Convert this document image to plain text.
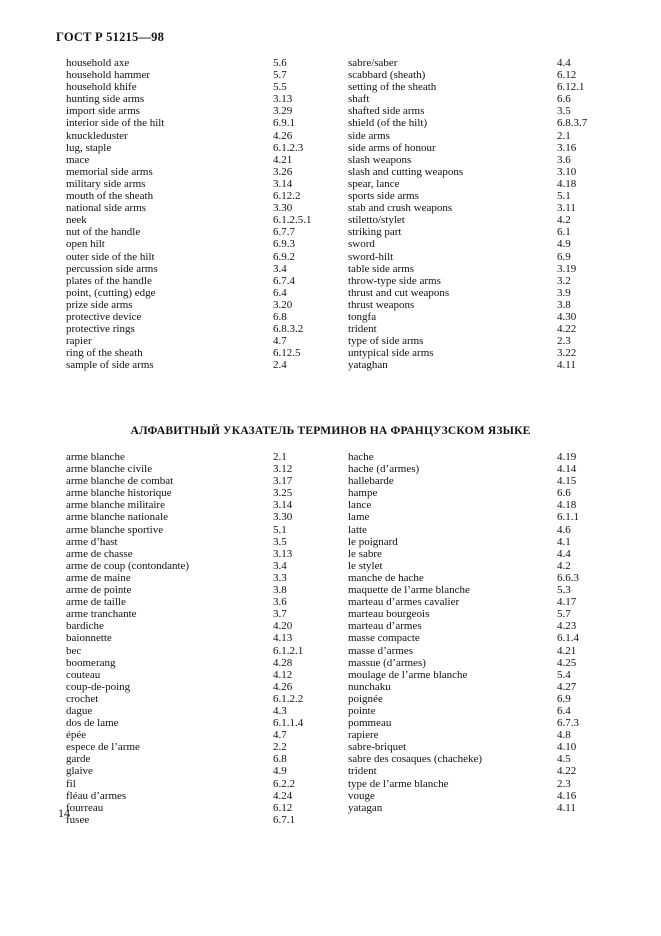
ГОСТ Р 51215—98
household axe	5.6
household hammer	5.7
household khife	5.5
hunting side arms	3.13
import side arms	3.29
interior side of the hilt	6.9.1
knuckleduster	4.26
lug, staple	6.1.2.3
mace	4.21
memorial side arms	3.26
military side arms	3.14
mouth of the sheath	6.12.2
national side arms	3.30
neek	6.1.2.5.1
nut of the handle	6.7.7
open hilt	6.9.3
outer side of the hilt	6.9.2
percussion side arms	3.4
plates of the handle	6.7.4
point, (cutting) edge	6.4
prize side arms	3.20
protective device	6.8
protective rings	6.8.3.2
rapier	4.7
ring of the sheath	6.12.5
sample of side arms	2.4
sabre/saber	4.4
scabbard (sheath)	6.12
setting of the sheath	6.12.1
shaft	6.6
shafted side arms	3.5
shield (of the hilt)	6.8.3.7
side arms	2.1
side arms of honour	3.16
slash weapons	3.6
slash and cutting weapons	3.10
spear, lance	4.18
sports side arms	5.1
stab and crush weapons	3.11
stiletto/stylet	4.2
striking part	6.1
sword	4.9
sword-hilt	6.9
table side arms	3.19
throw-type side arms	3.2
thrust and cut weapons	3.9
thrust weapons	3.8
tongfa	4.30
trident	4.22
type of side arms	2.3
untypical side arms	3.22
yataghan	4.11
АЛФАВИТНЫЙ УКАЗАТЕЛЬ ТЕРМИНОВ НА ФРАНЦУЗСКОМ ЯЗЫКЕ
arme blanche	2.1
arme blanche civile	3.12
arme blanche de combat	3.17
arme blanche historique	3.25
arme blanche militaire	3.14
arme blanche nationale	3.30
arme blanche sportive	5.1
arme d’hast	3.5
arme de chasse	3.13
arme de coup (contondante)	3.4
arme de maine	3.3
arme de pointe	3.8
arme de taille	3.6
arme tranchante	3.7
bardiche	4.20
baionnette	4.13
bec	6.1.2.1
boomerang	4.28
couteau	4.12
coup-de-poing	4.26
crochet	6.1.2.2
dague	4.3
dos de lame	6.1.1.4
épée	4.7
espece de l’arme	2.2
garde	6.8
glaive	4.9
fil	6.2.2
fléau d’armes	4.24
fourreau	6.12
fusee	6.7.1
hache	4.19
hache (d’armes)	4.14
hallebarde	4.15
hampe	6.6
lance	4.18
lame	6.1.1
latte	4.6
le poignard	4.1
le sabre	4.4
le stylet	4.2
manche de hache	6.6.3
maquette de l’arme blanche	5.3
marteau d’armes cavalier	4.17
marteau bourgeois	5.7
marteau d’armes	4.23
masse compacte	6.1.4
masse d’armes	4.21
massue (d’armes)	4.25
moulage de l’arme blanche	5.4
nunchaku	4.27
poignée	6.9
pointe	6.4
pommeau	6.7.3
rapiere	4.8
sabre-briquet	4.10
sabre des cosaques (chacheke)	4.5
trident	4.22
type de l’arme blanche	2.3
vouge	4.16
yatagan	4.11
14
